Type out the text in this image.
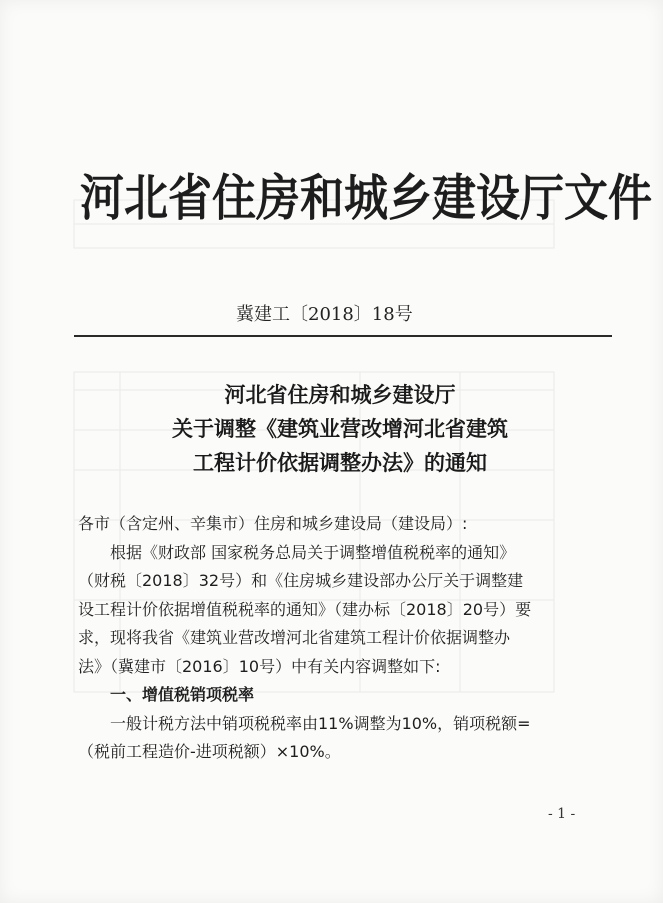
河北省住房和城乡建设厅文件
冀建工〔2018〕18号
河北省住房和城乡建设厅
关于调整《建筑业营改增河北省建筑
工程计价依据调整办法》的通知
各市（含定州、辛集市）住房和城乡建设局（建设局）:
根据《财政部 国家税务总局关于调整增值税税率的通知》
（财税〔2018〕32号）和《住房城乡建设部办公厅关于调整建
设工程计价依据增值税税率的通知》（建办标〔2018〕20号）要
求，现将我省《建筑业营改增河北省建筑工程计价依据调整办
法》（冀建市〔2016〕10号）中有关内容调整如下:
一、增值税销项税率
一般计税方法中销项税税率由11%调整为10%，销项税额=
（税前工程造价-进项税额）×10%。
- 1 -
